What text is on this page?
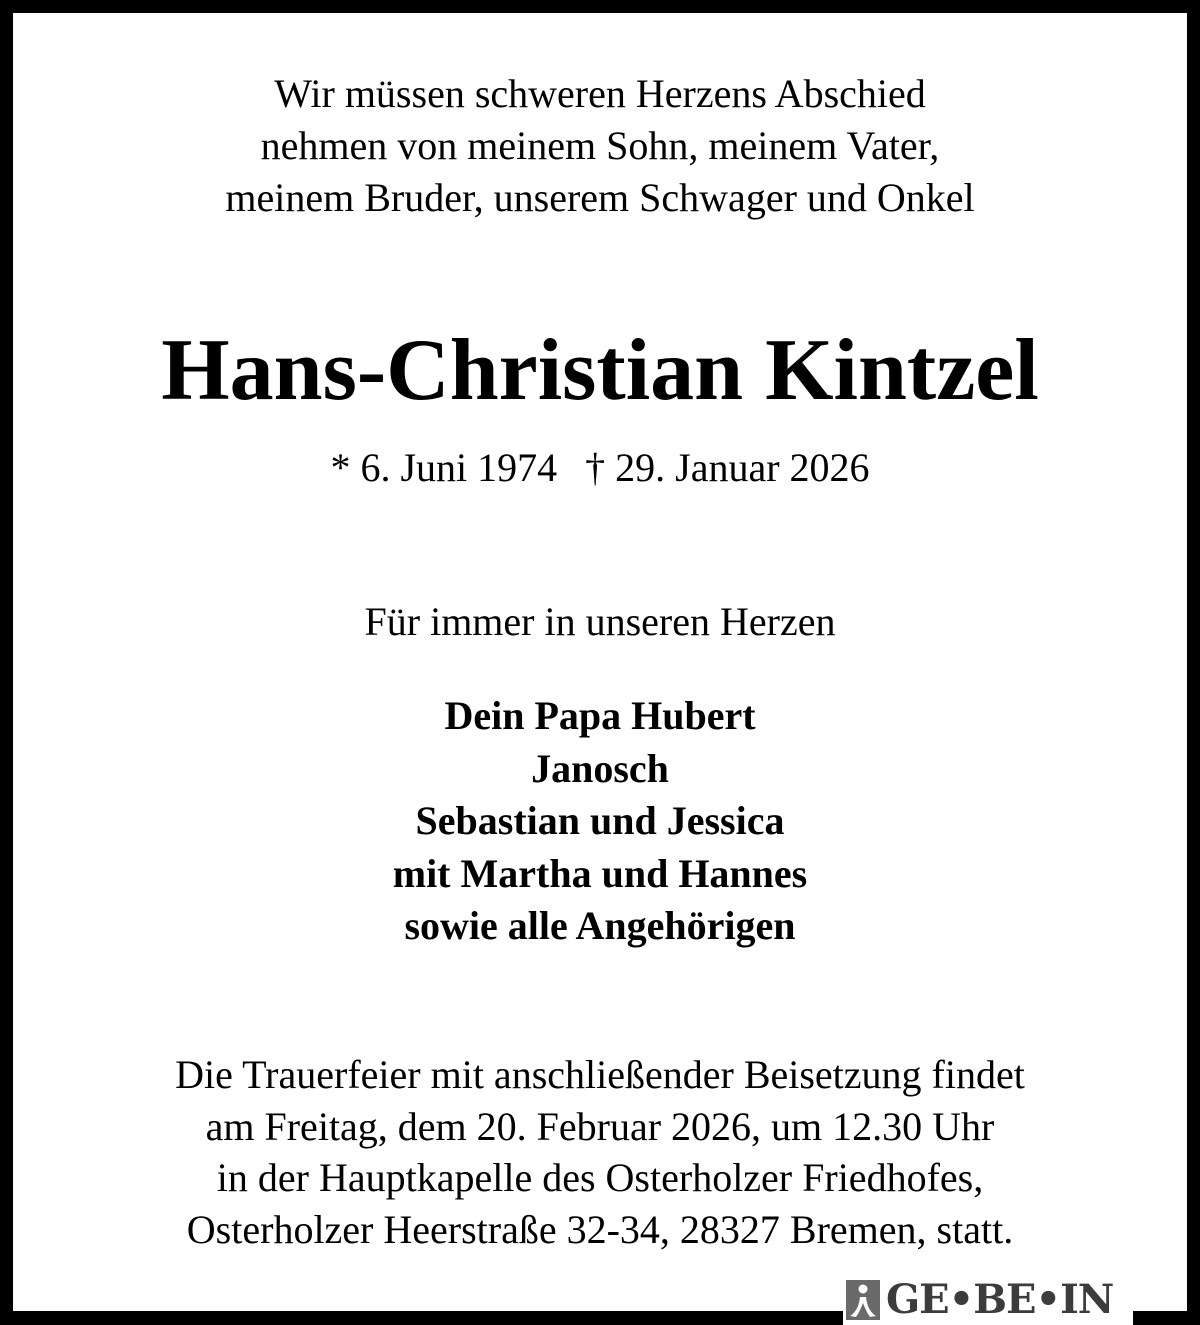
Wir müssen schweren Herzens Abschied
nehmen von meinem Sohn, meinem Vater,
meinem Bruder, unserem Schwager und Onkel
Hans-Christian Kintzel
* 6. Juni 1974 † 29. Januar 2026
Für immer in unseren Herzen
Dein Papa Hubert
Janosch
Sebastian und Jessica
mit Martha und Hannes
sowie alle Angehörigen
Die Trauerfeier mit anschließender Beisetzung findet
am Freitag, dem 20. Februar 2026, um 12.30 Uhr
in der Hauptkapelle des Osterholzer Friedhofes,
Osterholzer Heerstraße 32-34, 28327 Bremen, statt.
GE•BE•IN
